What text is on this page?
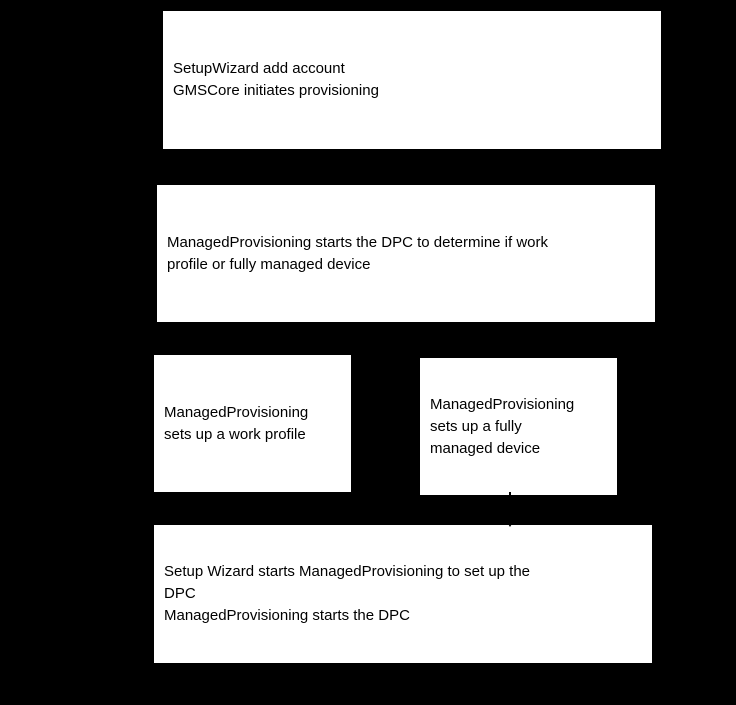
SetupWizard add account
GMSCore initiates provisioning
ManagedProvisioning starts the DPC to determine if work
profile or fully managed device
ManagedProvisioning
sets up a work profile
ManagedProvisioning
sets up a fully
managed device
Setup Wizard starts ManagedProvisioning to set up the
DPC
ManagedProvisioning starts the DPC
